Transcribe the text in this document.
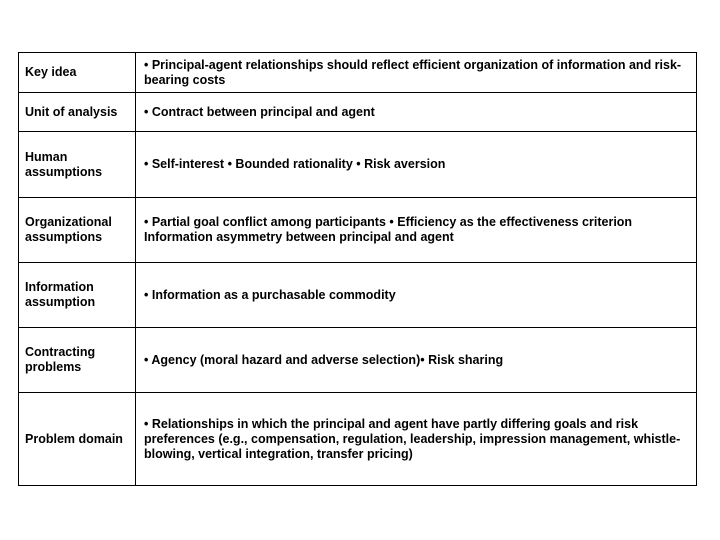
Key idea	• Principal-agent relationships should reflect efficient organization of information and risk-bearing costs
Unit of analysis	• Contract between principal and agent
Human assumptions	• Self-interest • Bounded rationality • Risk aversion
Organizational assumptions	• Partial goal conflict among participants • Efficiency as the effectiveness criterion Information asymmetry between principal and agent
Information assumption	• Information as a purchasable commodity
Contracting problems	• Agency (moral hazard and adverse selection)• Risk sharing
Problem domain	• Relationships in which the principal and agent have partly differing goals and risk preferences (e.g., compensation, regulation, leadership, impression management, whistle-blowing, vertical integration, transfer pricing)
